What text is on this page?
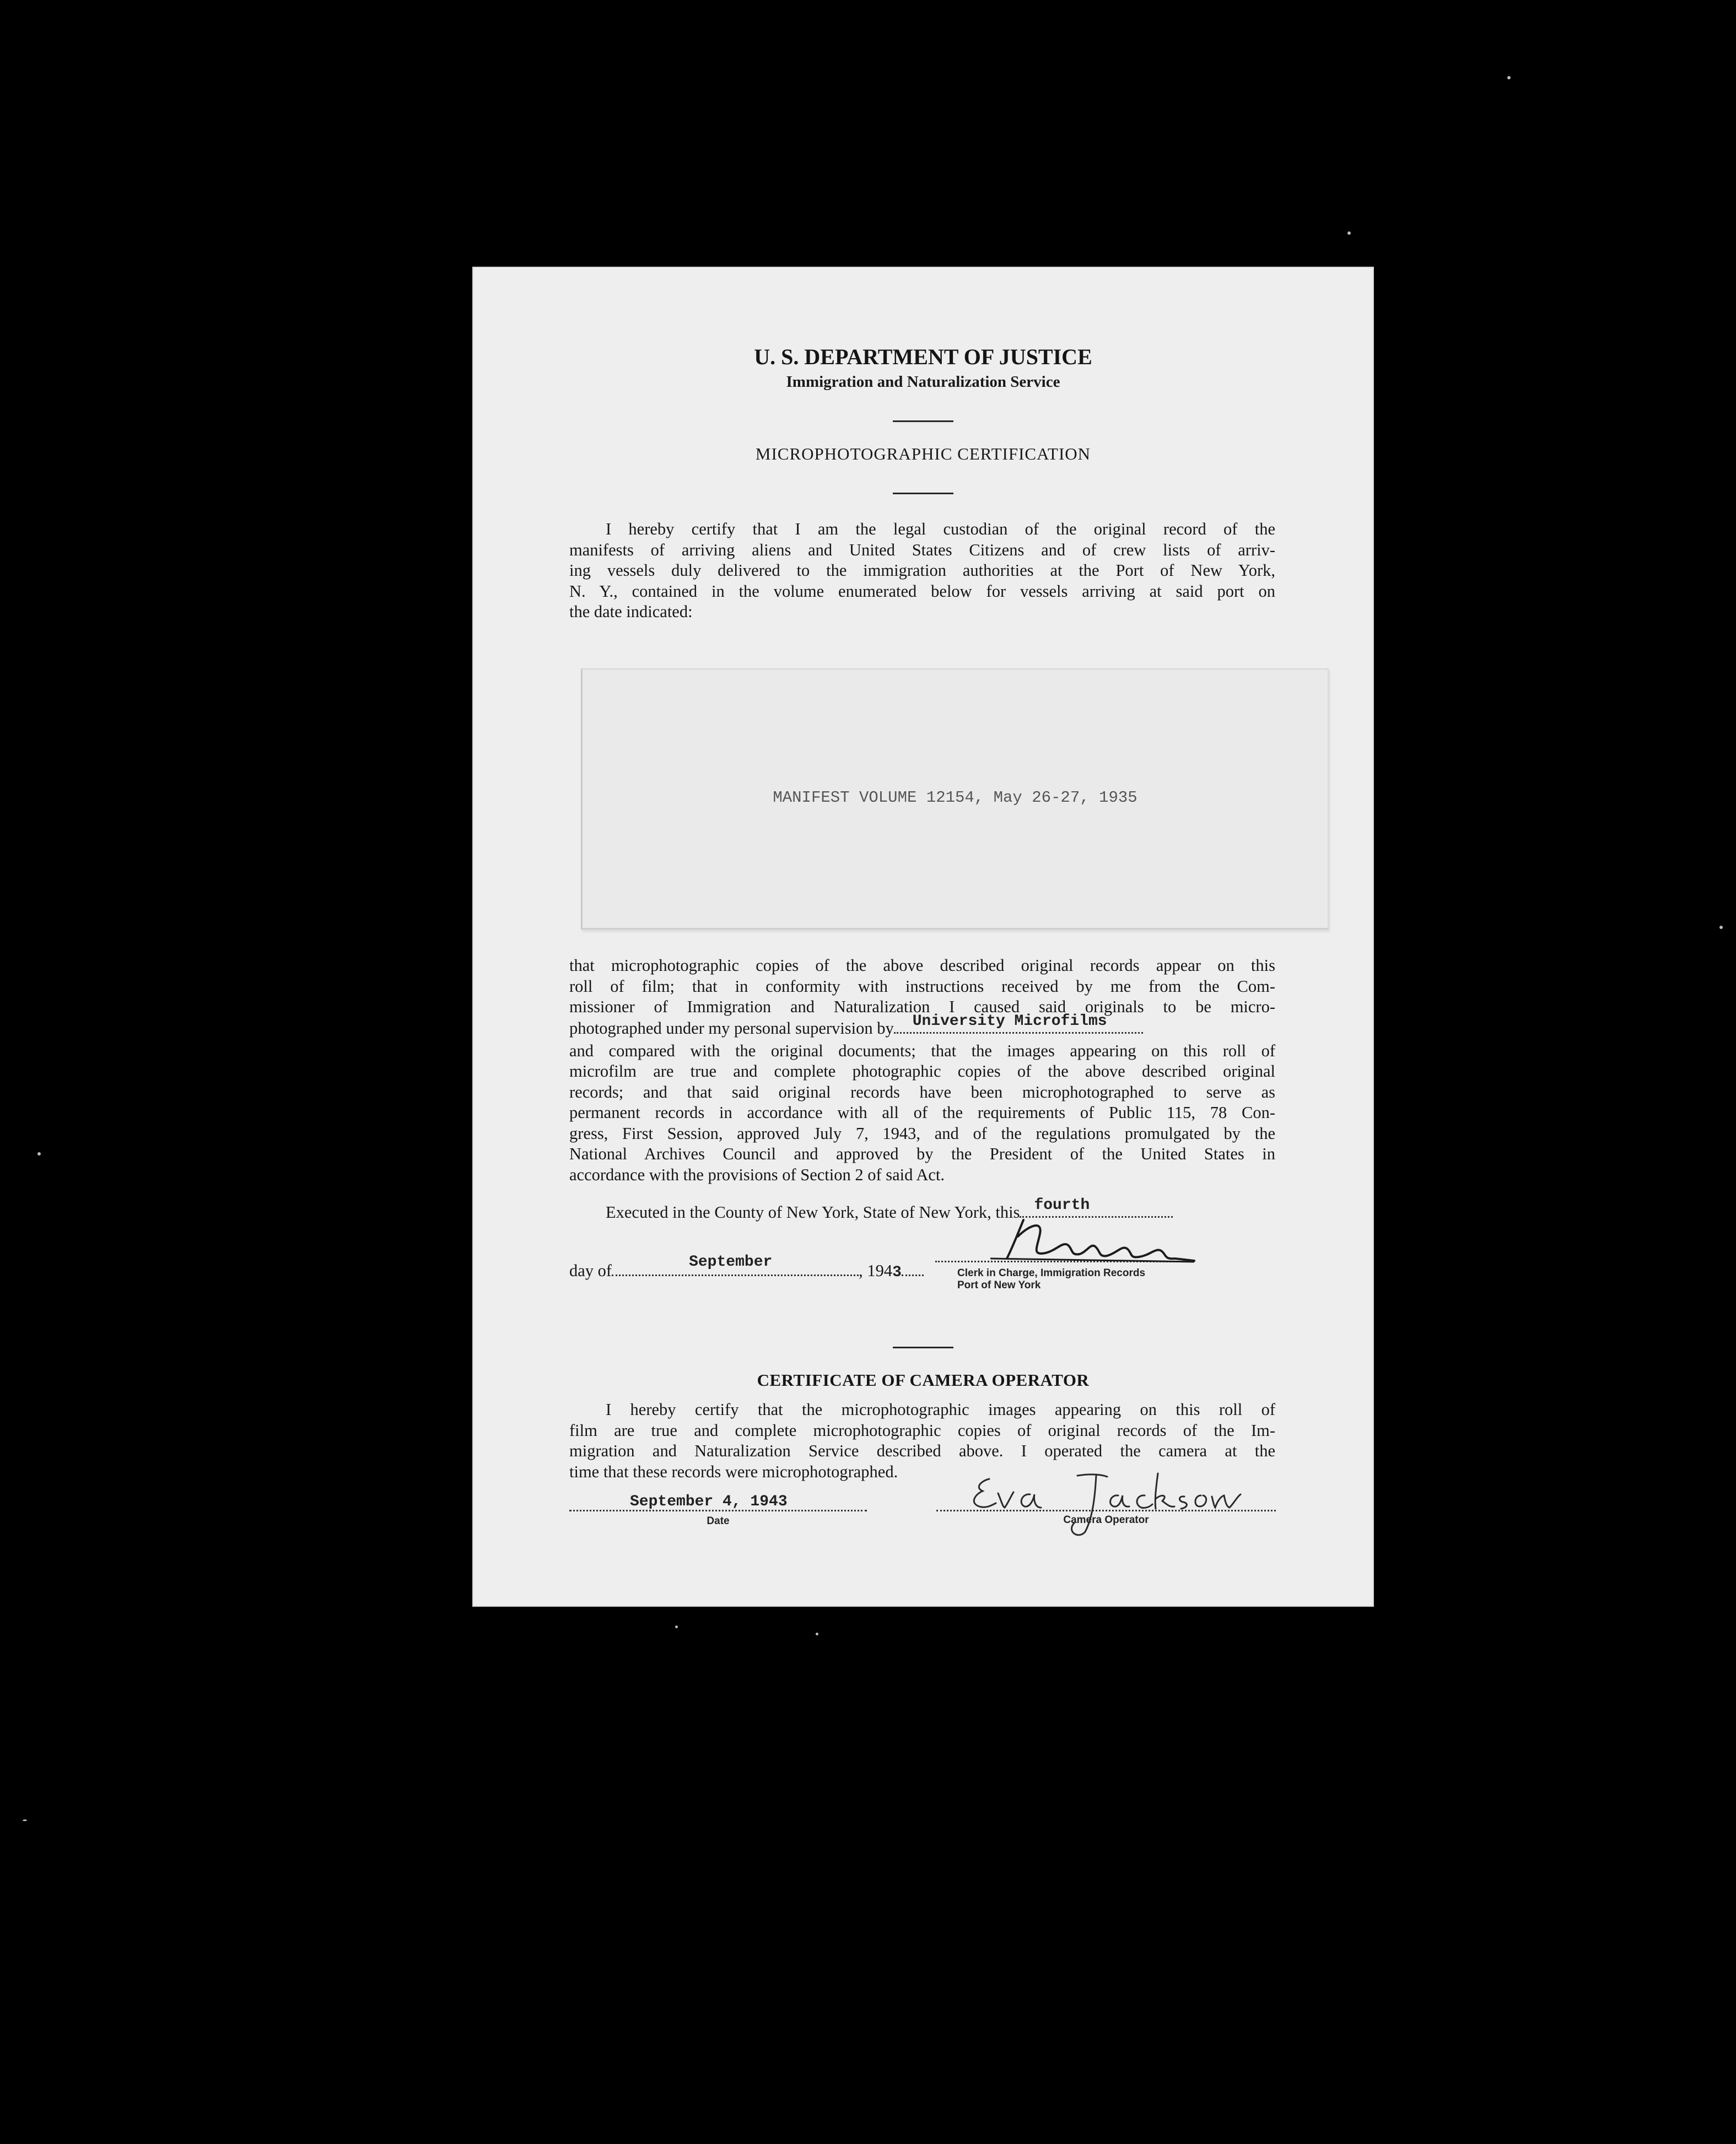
U. S. DEPARTMENT OF JUSTICE
Immigration and Naturalization Service
MICROPHOTOGRAPHIC CERTIFICATION
I hereby certify that I am the legal custodian of the original record of the
manifests of arriving aliens and United States Citizens and of crew lists of arriv-
ing vessels duly delivered to the immigration authorities at the Port of New York,
N. Y., contained in the volume enumerated below for vessels arriving at said port on
the date indicated:
MANIFEST VOLUME 12154, May 26-27, 1935
that microphotographic copies of the above described original records appear on this
roll of film; that in conformity with instructions received by me from the Com-
missioner of Immigration and Naturalization I caused said originals to be micro-
photographed under my personal supervision by University Microfilms
and compared with the original documents; that the images appearing on this roll of
microfilm are true and complete photographic copies of the above described original
records; and that said original records have been microphotographed to serve as
permanent records in accordance with all of the requirements of Public 115, 78 Con-
gress, First Session, approved July 7, 1943, and of the regulations promulgated by the
National Archives Council and approved by the President of the United States in
accordance with the provisions of Section 2 of said Act.
Executed in the County of New York, State of New York, this fourth
day of	September	, 1943	Clerk in Charge, Immigration Records
Port of New York
CERTIFICATE OF CAMERA OPERATOR
I hereby certify that the microphotographic images appearing on this roll of
film are true and complete microphotographic copies of original records of the Im-
migration and Naturalization Service described above. I operated the camera at the
time that these records were microphotographed.
September 4, 1943
Date	Camera Operator
